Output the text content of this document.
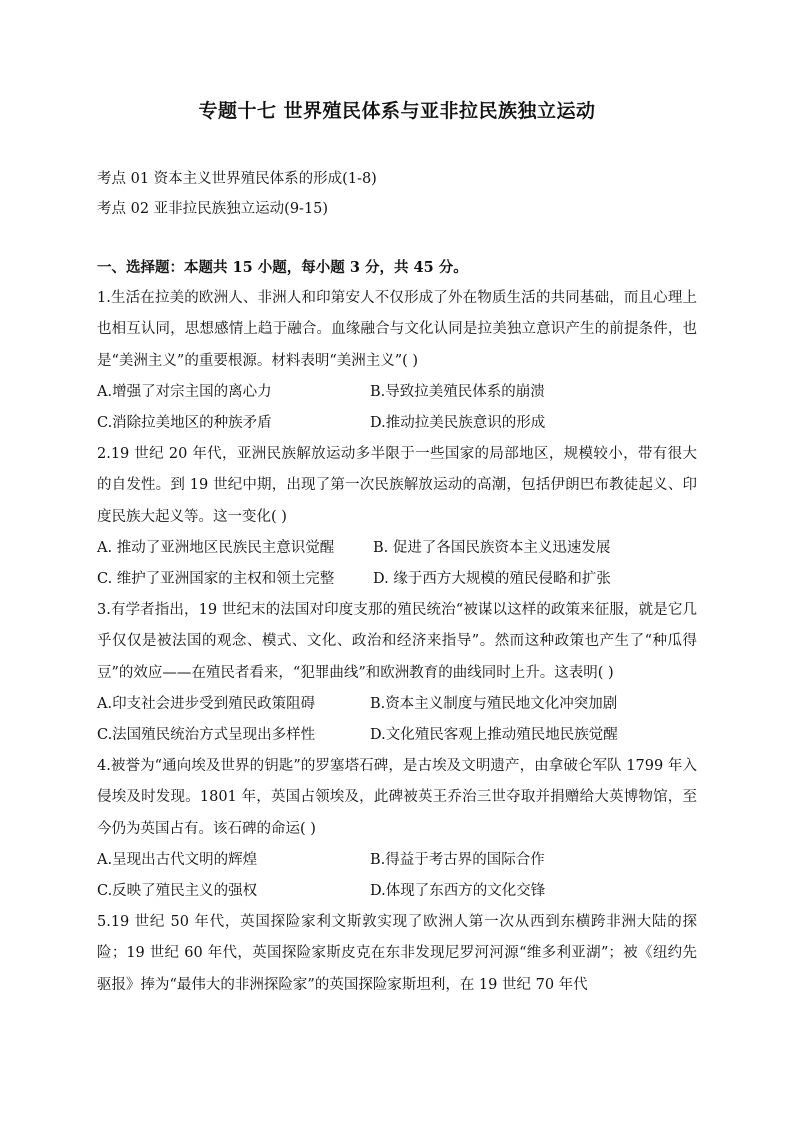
专题十七 世界殖民体系与亚非拉民族独立运动
考点 01 资本主义世界殖民体系的形成(1-8)
考点 02 亚非拉民族独立运动(9-15)

一、选择题：本题共 15 小题，每小题 3 分，共 45 分。

1.生活在拉美的欧洲人、非洲人和印第安人不仅形成了外在物质生活的共同基础，而且心理上也相互认同，思想感情上趋于融合。血缘融合与文化认同是拉美独立意识产生的前提条件，也是“美洲主义”的重要根源。材料表明“美洲主义”( )

A.增强了对宗主国的离心力	B.导致拉美殖民体系的崩溃
C.消除拉美地区的种族矛盾	D.推动拉美民族意识的形成

2.19 世纪 20 年代，亚洲民族解放运动多半限于一些国家的局部地区，规模较小，带有很大的自发性。到 19 世纪中期，出现了第一次民族解放运动的高潮，包括伊朗巴布教徒起义、印度民族大起义等。这一变化( )

A. 推动了亚洲地区民族民主意识觉醒	B. 促进了各国民族资本主义迅速发展
C. 维护了亚洲国家的主权和领土完整	D. 缘于西方大规模的殖民侵略和扩张

3.有学者指出，19 世纪末的法国对印度支那的殖民统治“被谋以这样的政策来征服，就是它几乎仅仅是被法国的观念、模式、文化、政治和经济来指导”。然而这种政策也产生了“种瓜得豆”的效应——在殖民者看来，“犯罪曲线”和欧洲教育的曲线同时上升。这表明( )

A.印支社会进步受到殖民政策阻碍	B.资本主义制度与殖民地文化冲突加剧
C.法国殖民统治方式呈现出多样性	D.文化殖民客观上推动殖民地民族觉醒

4.被誉为“通向埃及世界的钥匙”的罗塞塔石碑，是古埃及文明遗产，由拿破仑军队 1799 年入侵埃及时发现。1801 年，英国占领埃及，此碑被英王乔治三世夺取并捐赠给大英博物馆，至今仍为英国占有。该石碑的命运( )

A.呈现出古代文明的辉煌	B.得益于考古界的国际合作
C.反映了殖民主义的强权	D.体现了东西方的文化交锋

5.19 世纪 50 年代，英国探险家利文斯敦实现了欧洲人第一次从西到东横跨非洲大陆的探险；19 世纪 60 年代，英国探险家斯皮克在东非发现尼罗河河源“维多利亚湖”；被《纽约先驱报》捧为“最伟大的非洲探险家”的英国探险家斯坦利，在 19 世纪 70 年代
